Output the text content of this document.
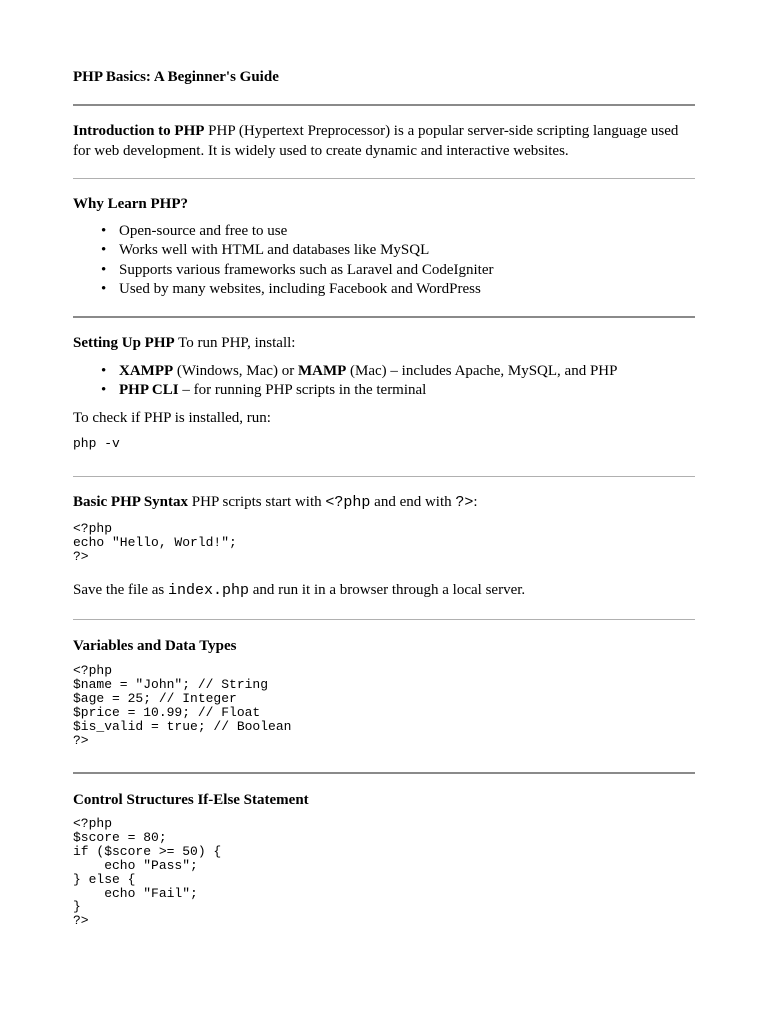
PHP Basics: A Beginner's Guide
Introduction to PHP PHP (Hypertext Preprocessor) is a popular server-side scripting language used for web development. It is widely used to create dynamic and interactive websites.
Why Learn PHP?
• Open-source and free to use
• Works well with HTML and databases like MySQL
• Supports various frameworks such as Laravel and CodeIgniter
• Used by many websites, including Facebook and WordPress
Setting Up PHP To run PHP, install:
• XAMPP (Windows, Mac) or MAMP (Mac) – includes Apache, MySQL, and PHP
• PHP CLI – for running PHP scripts in the terminal
To check if PHP is installed, run:
php -v
Basic PHP Syntax PHP scripts start with <?php and end with ?>:
<?php
echo "Hello, World!";
?>
Save the file as index.php and run it in a browser through a local server.
Variables and Data Types
<?php
$name = "John"; // String
$age = 25; // Integer
$price = 10.99; // Float
$is_valid = true; // Boolean
?>
Control Structures If-Else Statement
<?php
$score = 80;
if ($score >= 50) {
echo "Pass";
} else {
echo "Fail";
}
?>
